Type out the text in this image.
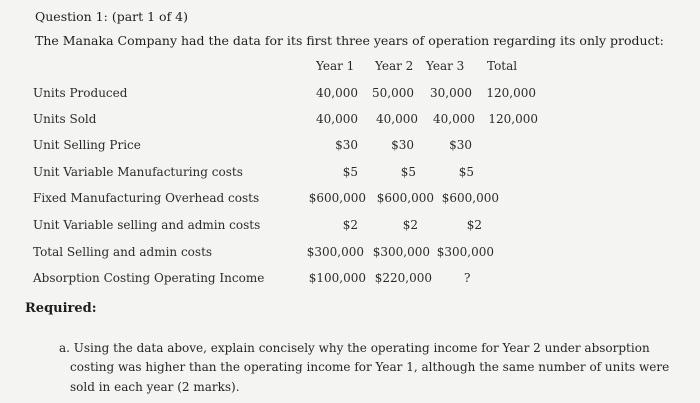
Question 1: (part 1 of 4)
The Manaka Company had the data for its first three years of operation regarding its only product:
Year 1 Year 2 Year 3 Total
Units Produced	40,000	50,000	30,000	120,000
Units Sold	40,000	40,000	40,000	120,000
Unit Selling Price	$30	$30	$30
Unit Variable Manufacturing costs	$5	$5	$5
Fixed Manufacturing Overhead costs	$600,000 $600,000 $600,000
Unit Variable selling and admin costs	$2	$2	$2
Total Selling and admin costs	$300,000 $300,000 $300,000
Absorption Costing Operating Income	$100,000 $220,000	?
Required:
a. Using the data above, explain concisely why the operating income for Year 2 under absorption
costing was higher than the operating income for Year 1, although the same number of units were
sold in each year (2 marks).
